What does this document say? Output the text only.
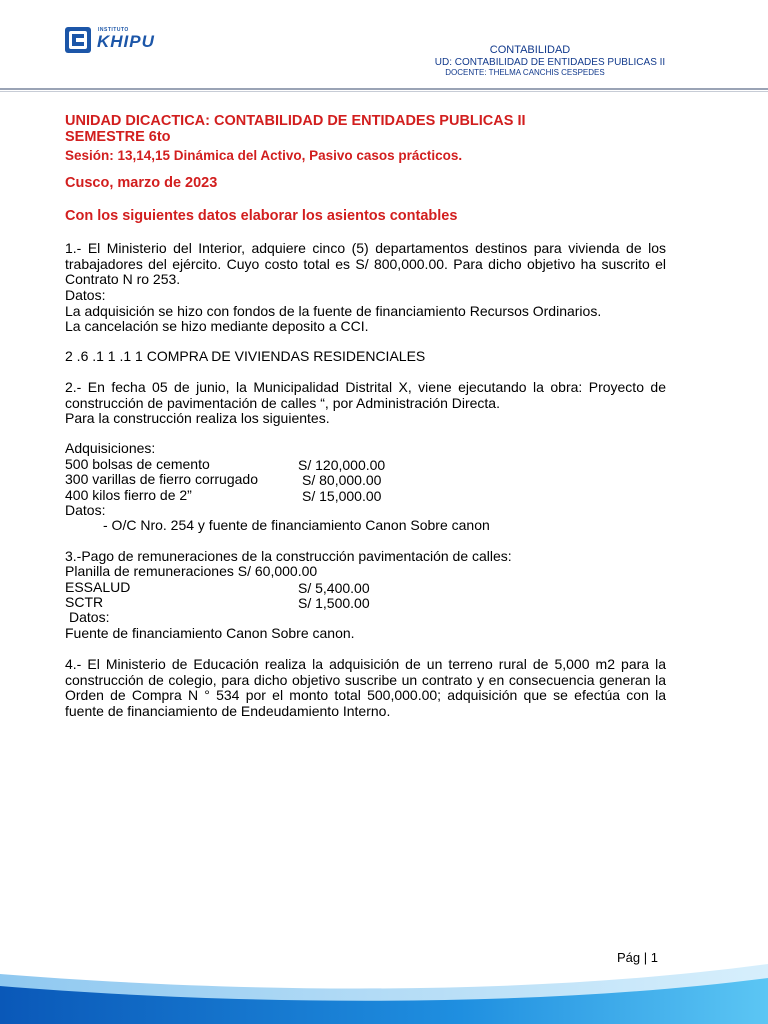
INSTITUTO
KHIPU	CONTABILIDAD
UD: CONTABILIDAD DE ENTIDADES PUBLICAS II
DOCENTE: THELMA CANCHIS CESPEDES
UNIDAD DICACTICA: CONTABILIDAD DE ENTIDADES PUBLICAS II
SEMESTRE 6to
Sesión: 13,14,15 Dinámica del Activo, Pasivo casos prácticos.
Cusco, marzo de 2023
Con los siguientes datos elaborar los asientos contables
1.- El Ministerio del Interior, adquiere cinco (5) departamentos destinos para vivienda de los trabajadores del ejército. Cuyo costo total es S/ 800,000.00. Para dicho objetivo ha suscrito el Contrato N ro 253.
Datos:
La adquisición se hizo con fondos de la fuente de financiamiento Recursos Ordinarios.
La cancelación se hizo mediante deposito a CCI.
2 .6 .1 1 .1 1 COMPRA DE VIVIENDAS RESIDENCIALES
2.- En fecha 05 de junio, la Municipalidad Distrital X, viene ejecutando la obra: Proyecto de construcción de pavimentación de calles “, por Administración Directa.
Para la construcción realiza los siguientes.
Adquisiciones:
500 bolsas de cemento	S/ 120,000.00
300 varillas de fierro corrugado	S/ 80,000.00
400 kilos fierro de 2”	S/ 15,000.00
Datos:
- O/C Nro. 254 y fuente de financiamiento Canon Sobre canon
3.-Pago de remuneraciones de la construcción pavimentación de calles:
Planilla de remuneraciones S/ 60,000.00
ESSALUD	S/ 5,400.00
SCTR	S/ 1,500.00
Datos:
Fuente de financiamiento Canon Sobre canon.
4.- El Ministerio de Educación realiza la adquisición de un terreno rural de 5,000 m2 para la construcción de colegio, para dicho objetivo suscribe un contrato y en consecuencia generan la Orden de Compra N ° 534 por el monto total 500,000.00; adquisición que se efectúa con la fuente de financiamiento de Endeudamiento Interno.
Pág | 1
